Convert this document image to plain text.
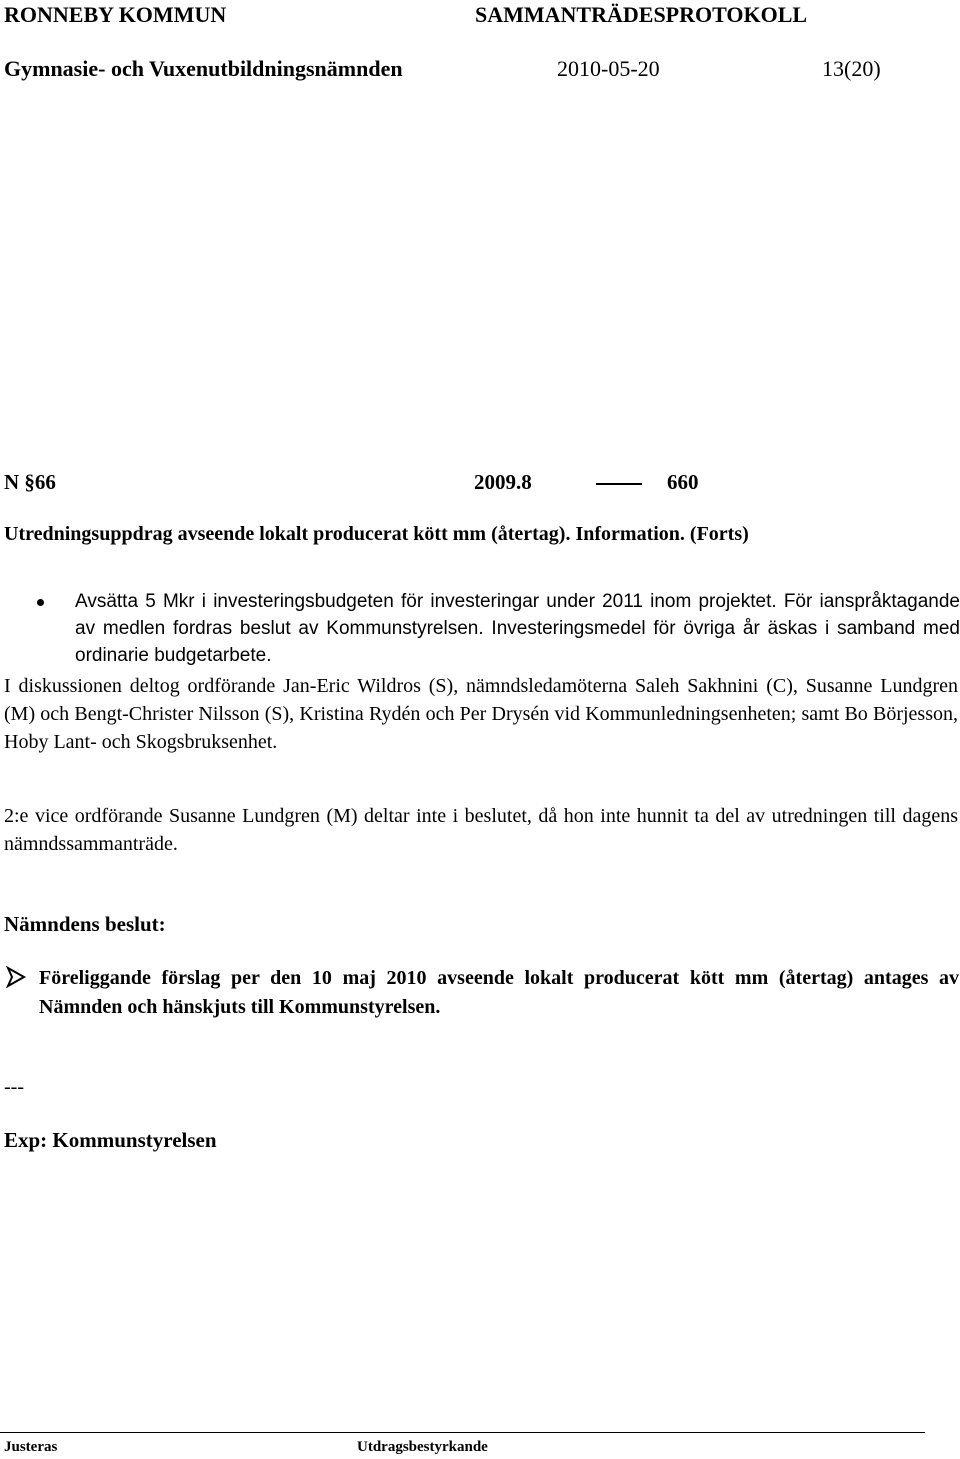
RONNEBY KOMMUN	SAMMANTRÄDESPROTOKOLL
Gymnasie- och Vuxenutbildningsnämnden	2010-05-20	13(20)
N §66	2009.8	660
Utredningsuppdrag avseende lokalt producerat kött mm (återtag). Information. (Forts)
Avsätta 5 Mkr i investeringsbudgeten för investeringar under 2011 inom projektet. För ianspråktagande av medlen fordras beslut av Kommunstyrelsen. Investeringsmedel för övriga år äskas i samband med ordinarie budgetarbete.
I diskussionen deltog ordförande Jan-Eric Wildros (S), nämndsledamöterna Saleh Sakhnini (C), Susanne Lundgren (M) och Bengt-Christer Nilsson (S), Kristina Rydén och Per Drysén vid Kommunledningsenheten; samt Bo Börjesson, Hoby Lant- och Skogsbruksenhet.
2:e vice ordförande Susanne Lundgren (M) deltar inte i beslutet, då hon inte hunnit ta del av utredningen till dagens nämndssammanträde.
Nämndens beslut:
Föreliggande förslag per den 10 maj 2010 avseende lokalt producerat kött mm (återtag) antages av Nämnden och hänskjuts till Kommunstyrelsen.
---
Exp: Kommunstyrelsen
Justeras	Utdragsbestyrkande
